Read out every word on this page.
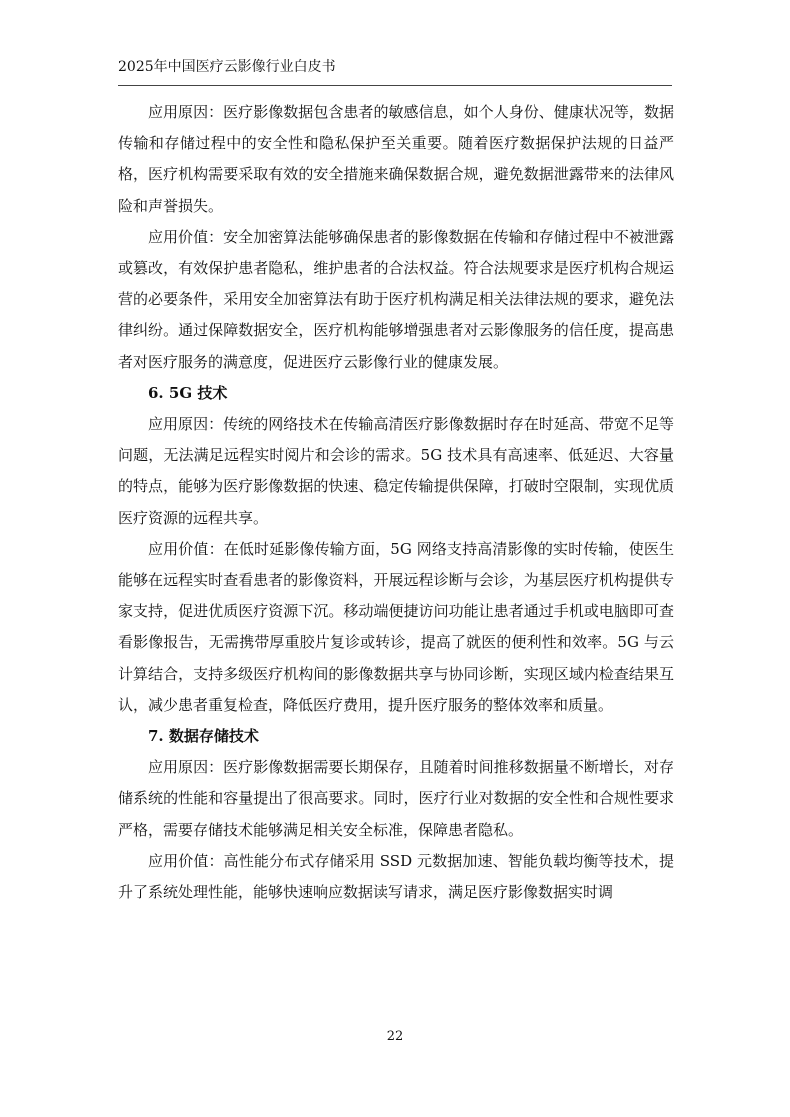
2025年中国医疗云影像行业白皮书

应用原因：医疗影像数据包含患者的敏感信息，如个人身份、健康状况等，数据传输和存储过程中的安全性和隐私保护至关重要。随着医疗数据保护法规的日益严格，医疗机构需要采取有效的安全措施来确保数据合规，避免数据泄露带来的法律风险和声誉损失。

应用价值：安全加密算法能够确保患者的影像数据在传输和存储过程中不被泄露或篡改，有效保护患者隐私，维护患者的合法权益。符合法规要求是医疗机构合规运营的必要条件，采用安全加密算法有助于医疗机构满足相关法律法规的要求，避免法律纠纷。通过保障数据安全，医疗机构能够增强患者对云影像服务的信任度，提高患者对医疗服务的满意度，促进医疗云影像行业的健康发展。

6. 5G 技术

应用原因：传统的网络技术在传输高清医疗影像数据时存在时延高、带宽不足等问题，无法满足远程实时阅片和会诊的需求。5G 技术具有高速率、低延迟、大容量的特点，能够为医疗影像数据的快速、稳定传输提供保障，打破时空限制，实现优质医疗资源的远程共享。

应用价值：在低时延影像传输方面，5G 网络支持高清影像的实时传输，使医生能够在远程实时查看患者的影像资料，开展远程诊断与会诊，为基层医疗机构提供专家支持，促进优质医疗资源下沉。移动端便捷访问功能让患者通过手机或电脑即可查看影像报告，无需携带厚重胶片复诊或转诊，提高了就医的便利性和效率。5G 与云计算结合，支持多级医疗机构间的影像数据共享与协同诊断，实现区域内检查结果互认，减少患者重复检查，降低医疗费用，提升医疗服务的整体效率和质量。

7. 数据存储技术

应用原因：医疗影像数据需要长期保存，且随着时间推移数据量不断增长，对存储系统的性能和容量提出了很高要求。同时，医疗行业对数据的安全性和合规性要求严格，需要存储技术能够满足相关安全标准，保障患者隐私。

应用价值：高性能分布式存储采用 SSD 元数据加速、智能负载均衡等技术，提升了系统处理性能，能够快速响应数据读写请求，满足医疗影像数据实时调

22
